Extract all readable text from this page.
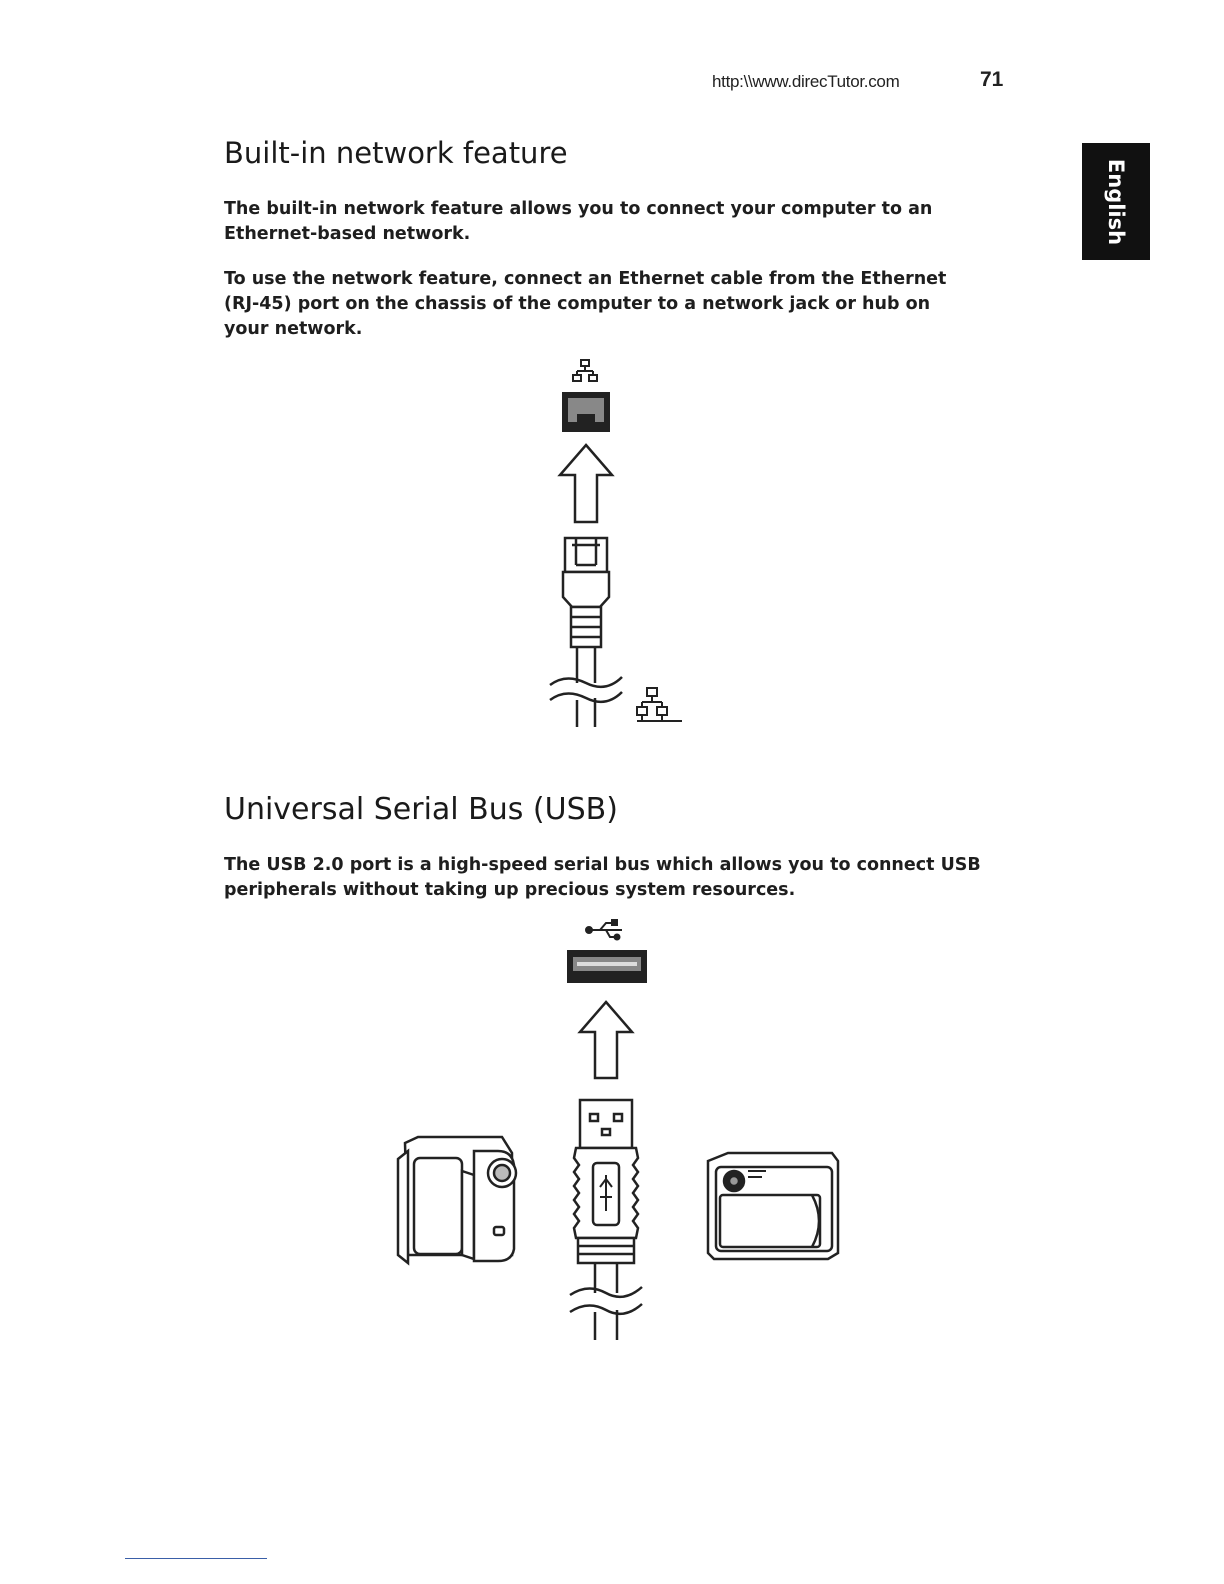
http:\\www.direcTutor.com	71
English
Built-in network feature

The built-in network feature allows you to connect your computer to an Ethernet-based network.

To use the network feature, connect an Ethernet cable from the Ethernet (RJ-45) port on the chassis of the computer to a network jack or hub on your network.

Universal Serial Bus (USB)

The USB 2.0 port is a high-speed serial bus which allows you to connect USB peripherals without taking up precious system resources.
